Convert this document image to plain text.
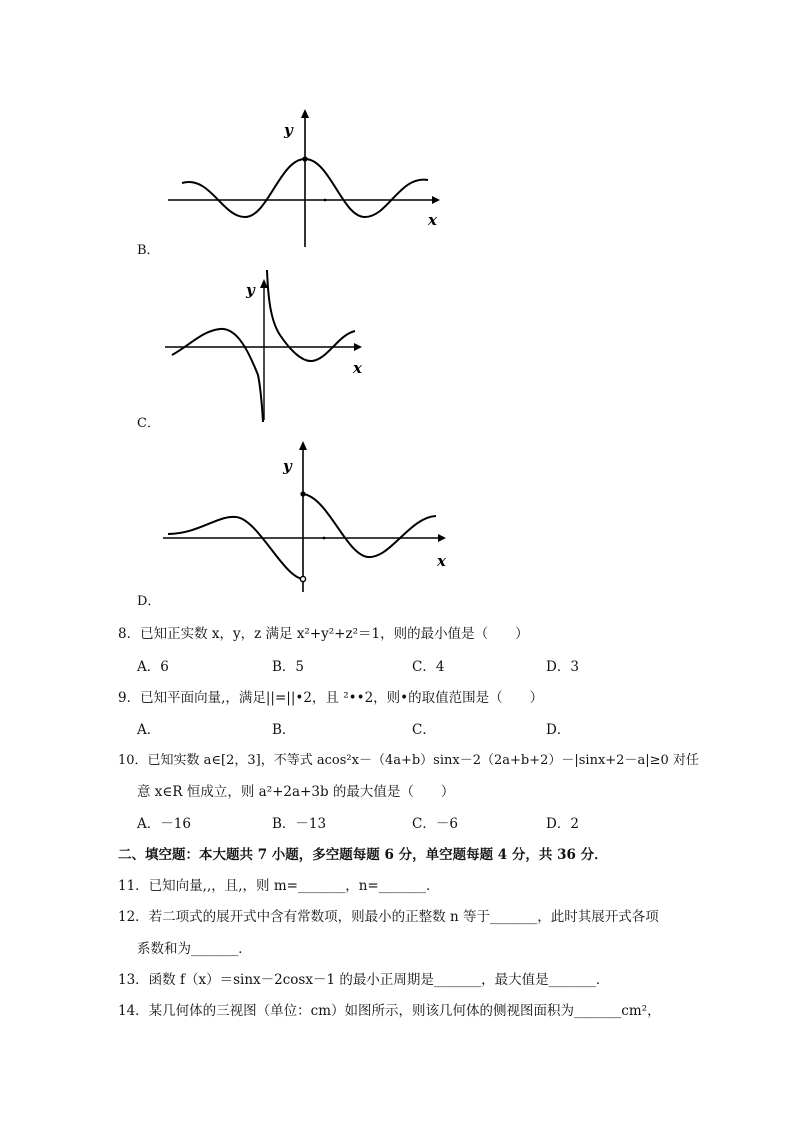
y
x
B．
y
x
C．
y
x
D．
8．已知正实数 x，y，z 满足 x²+y²+z²＝1，则的最小值是（　　）
A．6	B．5	C．4	D．3
9．已知平面向量,，满足||=||•2，且 ²••2，则•的取值范围是（　　）
A．	B．	C．	D．
10．已知实数 a∈[2，3]，不等式 acos²x－（4a+b）sinx－2（2a+b+2）－|sinx+2－a|≥0 对任
意 x∈R 恒成立，则 a²+2a+3b 的最大值是（　　）
A．－16	B．－13	C．－6	D．2
二、填空题：本大题共 7 小题，多空题每题 6 分，单空题每题 4 分，共 36 分．
11．已知向量,,，且,，则 m=_______，n=_______．
12．若二项式的展开式中含有常数项，则最小的正整数 n 等于_______，此时其展开式各项
系数和为_______．
13．函数 f（x）＝sinx－2cosx－1 的最小正周期是_______，最大值是_______．
14．某几何体的三视图（单位：cm）如图所示，则该几何体的侧视图面积为_______cm²，
